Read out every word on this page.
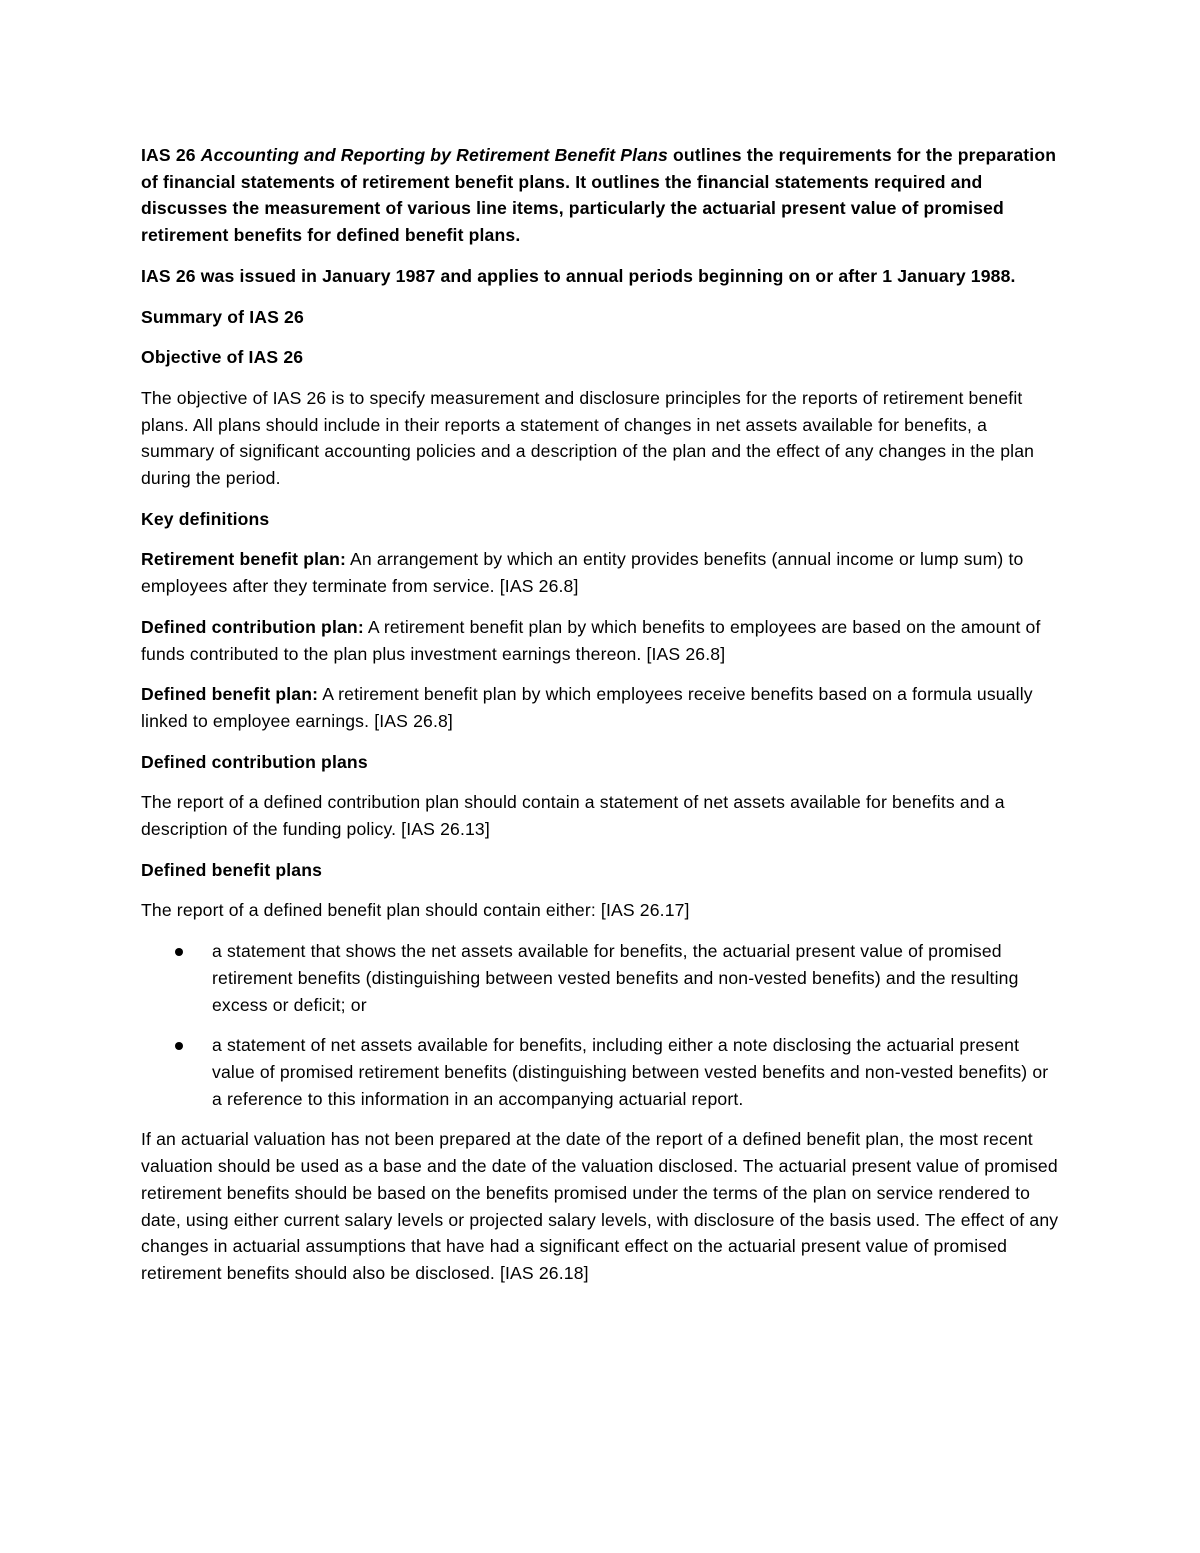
IAS 26 Accounting and Reporting by Retirement Benefit Plans outlines the requirements for the preparation of financial statements of retirement benefit plans. It outlines the financial statements required and discusses the measurement of various line items, particularly the actuarial present value of promised retirement benefits for defined benefit plans.

IAS 26 was issued in January 1987 and applies to annual periods beginning on or after 1 January 1988.

Summary of IAS 26

Objective of IAS 26

The objective of IAS 26 is to specify measurement and disclosure principles for the reports of retirement benefit plans. All plans should include in their reports a statement of changes in net assets available for benefits, a summary of significant accounting policies and a description of the plan and the effect of any changes in the plan during the period.

Key definitions

Retirement benefit plan: An arrangement by which an entity provides benefits (annual income or lump sum) to employees after they terminate from service. [IAS 26.8]

Defined contribution plan: A retirement benefit plan by which benefits to employees are based on the amount of funds contributed to the plan plus investment earnings thereon. [IAS 26.8]

Defined benefit plan: A retirement benefit plan by which employees receive benefits based on a formula usually linked to employee earnings. [IAS 26.8]

Defined contribution plans

The report of a defined contribution plan should contain a statement of net assets available for benefits and a description of the funding policy. [IAS 26.13]

Defined benefit plans

The report of a defined benefit plan should contain either: [IAS 26.17]

a statement that shows the net assets available for benefits, the actuarial present value of promised retirement benefits (distinguishing between vested benefits and non-vested benefits) and the resulting excess or deficit; or
a statement of net assets available for benefits, including either a note disclosing the actuarial present value of promised retirement benefits (distinguishing between vested benefits and non-vested benefits) or a reference to this information in an accompanying actuarial report.

If an actuarial valuation has not been prepared at the date of the report of a defined benefit plan, the most recent valuation should be used as a base and the date of the valuation disclosed. The actuarial present value of promised retirement benefits should be based on the benefits promised under the terms of the plan on service rendered to date, using either current salary levels or projected salary levels, with disclosure of the basis used. The effect of any changes in actuarial assumptions that have had a significant effect on the actuarial present value of promised retirement benefits should also be disclosed. [IAS 26.18]
